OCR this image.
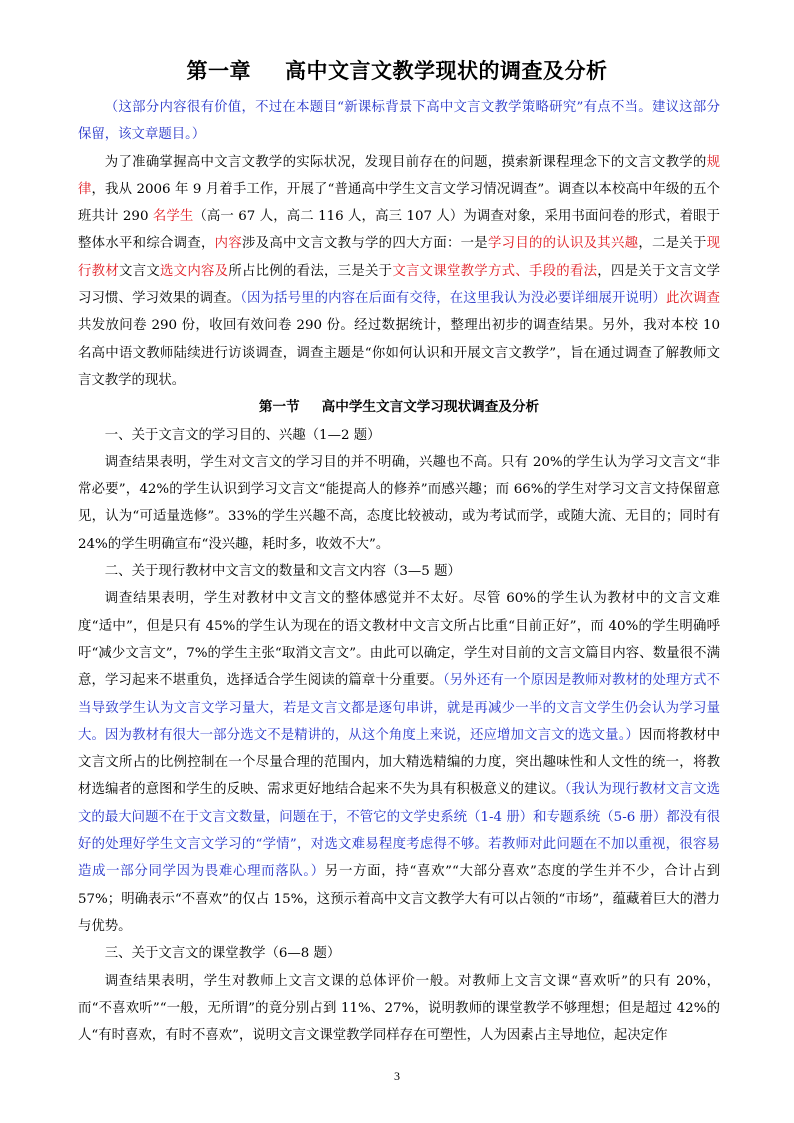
第一章 高中文言文教学现状的调查及分析

（这部分内容很有价值，不过在本题目“新课标背景下高中文言文教学策略研究”有点不当。建议这部分保留，该文章题目。）

为了准确掌握高中文言文教学的实际状况，发现目前存在的问题，摸索新课程理念下的文言文教学的规律，我从 2006 年 9 月着手工作，开展了“普通高中学生文言文学习情况调查”。调查以本校高中年级的五个班共计 290 名学生（高一 67 人，高二 116 人，高三 107 人）为调查对象，采用书面问卷的形式，着眼于整体水平和综合调查，内容涉及高中文言文教与学的四大方面：一是学习目的的认识及其兴趣，二是关于现行教材文言文选文内容及所占比例的看法，三是关于文言文课堂教学方式、手段的看法，四是关于文言文学习习惯、学习效果的调查。（因为括号里的内容在后面有交待，在这里我认为没必要详细展开说明）此次调查共发放问卷 290 份，收回有效问卷 290 份。经过数据统计，整理出初步的调查结果。另外，我对本校 10 名高中语文教师陆续进行访谈调查，调查主题是“你如何认识和开展文言文教学”，旨在通过调查了解教师文言文教学的现状。

第一节 高中学生文言文学习现状调查及分析

一、关于文言文的学习目的、兴趣（1—2 题）

调查结果表明，学生对文言文的学习目的并不明确，兴趣也不高。只有 20%的学生认为学习文言文“非常必要”，42%的学生认识到学习文言文“能提高人的修养”而感兴趣；而 66%的学生对学习文言文持保留意见，认为“可适量选修”。33%的学生兴趣不高，态度比较被动，或为考试而学，或随大流、无目的；同时有 24%的学生明确宣布“没兴趣，耗时多，收效不大”。

二、关于现行教材中文言文的数量和文言文内容（3—5 题）

调查结果表明，学生对教材中文言文的整体感觉并不太好。尽管 60%的学生认为教材中的文言文难度“适中”，但是只有 45%的学生认为现在的语文教材中文言文所占比重“目前正好”，而 40%的学生明确呼吁“减少文言文”，7%的学生主张“取消文言文”。由此可以确定，学生对目前的文言文篇目内容、数量很不满意，学习起来不堪重负，选择适合学生阅读的篇章十分重要。（另外还有一个原因是教师对教材的处理方式不当导致学生认为文言文学习量大，若是文言文都是逐句串讲，就是再减少一半的文言文学生仍会认为学习量大。因为教材有很大一部分选文不是精讲的，从这个角度上来说，还应增加文言文的选文量。）因而将教材中文言文所占的比例控制在一个尽量合理的范围内，加大精选精编的力度，突出趣味性和人文性的统一，将教材选编者的意图和学生的反映、需求更好地结合起来不失为具有积极意义的建议。（我认为现行教材文言文选文的最大问题不在于文言文数量，问题在于，不管它的文学史系统（1-4 册）和专题系统（5-6 册）都没有很好的处理好学生文言文学习的“学情”，对选文难易程度考虑得不够。若教师对此问题在不加以重视，很容易造成一部分同学因为畏难心理而落队。）另一方面，持“喜欢”“大部分喜欢”态度的学生并不少，合计占到 57%；明确表示“不喜欢”的仅占 15%，这预示着高中文言文教学大有可以占领的“市场”，蕴藏着巨大的潜力与优势。

三、关于文言文的课堂教学（6—8 题）

调查结果表明，学生对教师上文言文课的总体评价一般。对教师上文言文课“喜欢听”的只有 20%，而“不喜欢听”“一般，无所谓”的竟分别占到 11%、27%，说明教师的课堂教学不够理想；但是超过 42%的人“有时喜欢，有时不喜欢”，说明文言文课堂教学同样存在可塑性，人为因素占主导地位，起决定作

3
